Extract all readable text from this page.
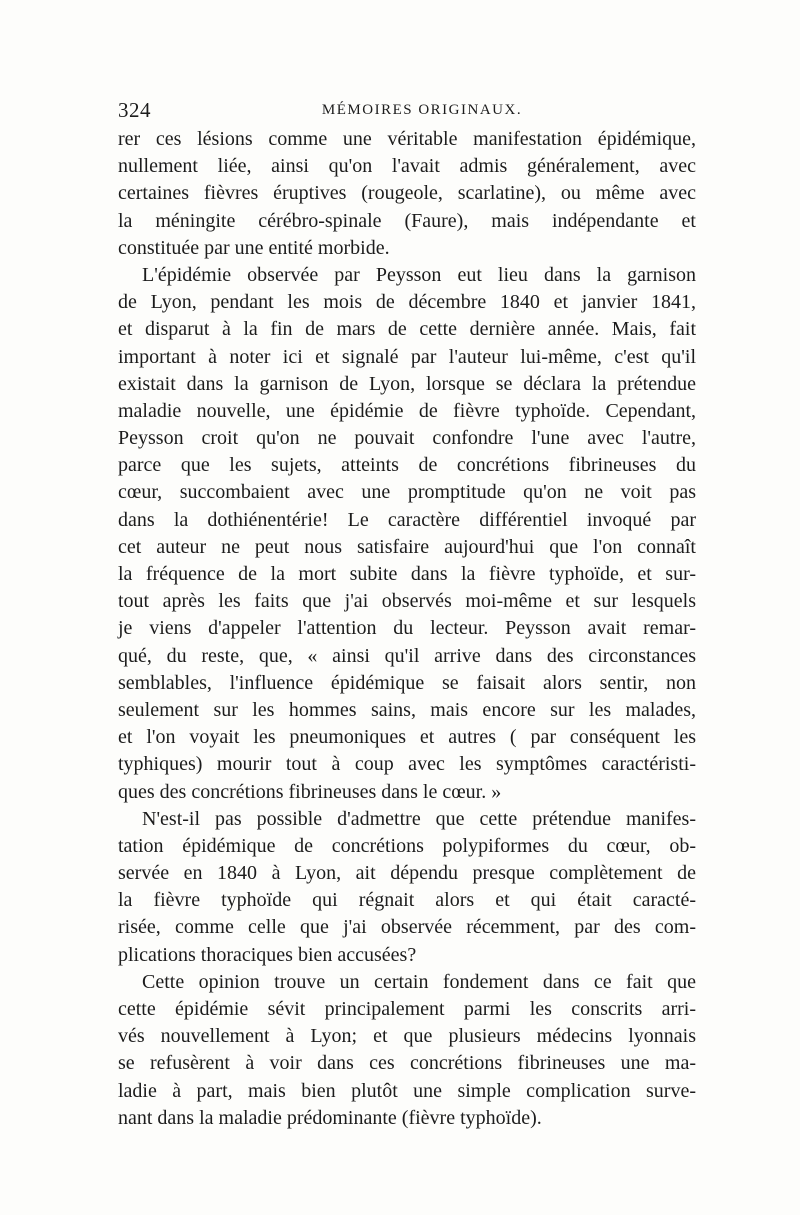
324	MÉMOIRES ORIGINAUX.
rer ces lésions comme une véritable manifestation épidémique,
nullement liée, ainsi qu'on l'avait admis généralement, avec
certaines fièvres éruptives (rougeole, scarlatine), ou même avec
la méningite cérébro-spinale (Faure), mais indépendante et
constituée par une entité morbide.
L'épidémie observée par Peysson eut lieu dans la garnison
de Lyon, pendant les mois de décembre 1840 et janvier 1841,
et disparut à la fin de mars de cette dernière année. Mais, fait
important à noter ici et signalé par l'auteur lui-même, c'est qu'il
existait dans la garnison de Lyon, lorsque se déclara la prétendue
maladie nouvelle, une épidémie de fièvre typhoïde. Cependant,
Peysson croit qu'on ne pouvait confondre l'une avec l'autre,
parce que les sujets, atteints de concrétions fibrineuses du
cœur, succombaient avec une promptitude qu'on ne voit pas
dans la dothiénentérie! Le caractère différentiel invoqué par
cet auteur ne peut nous satisfaire aujourd'hui que l'on connaît
la fréquence de la mort subite dans la fièvre typhoïde, et sur-
tout après les faits que j'ai observés moi-même et sur lesquels
je viens d'appeler l'attention du lecteur. Peysson avait remar-
qué, du reste, que, « ainsi qu'il arrive dans des circonstances
semblables, l'influence épidémique se faisait alors sentir, non
seulement sur les hommes sains, mais encore sur les malades,
et l'on voyait les pneumoniques et autres ( par conséquent les
typhiques) mourir tout à coup avec les symptômes caractéristi-
ques des concrétions fibrineuses dans le cœur. »
N'est-il pas possible d'admettre que cette prétendue manifes-
tation épidémique de concrétions polypiformes du cœur, ob-
servée en 1840 à Lyon, ait dépendu presque complètement de
la fièvre typhoïde qui régnait alors et qui était caracté-
risée, comme celle que j'ai observée récemment, par des com-
plications thoraciques bien accusées?
Cette opinion trouve un certain fondement dans ce fait que
cette épidémie sévit principalement parmi les conscrits arri-
vés nouvellement à Lyon; et que plusieurs médecins lyonnais
se refusèrent à voir dans ces concrétions fibrineuses une ma-
ladie à part, mais bien plutôt une simple complication surve-
nant dans la maladie prédominante (fièvre typhoïde).
